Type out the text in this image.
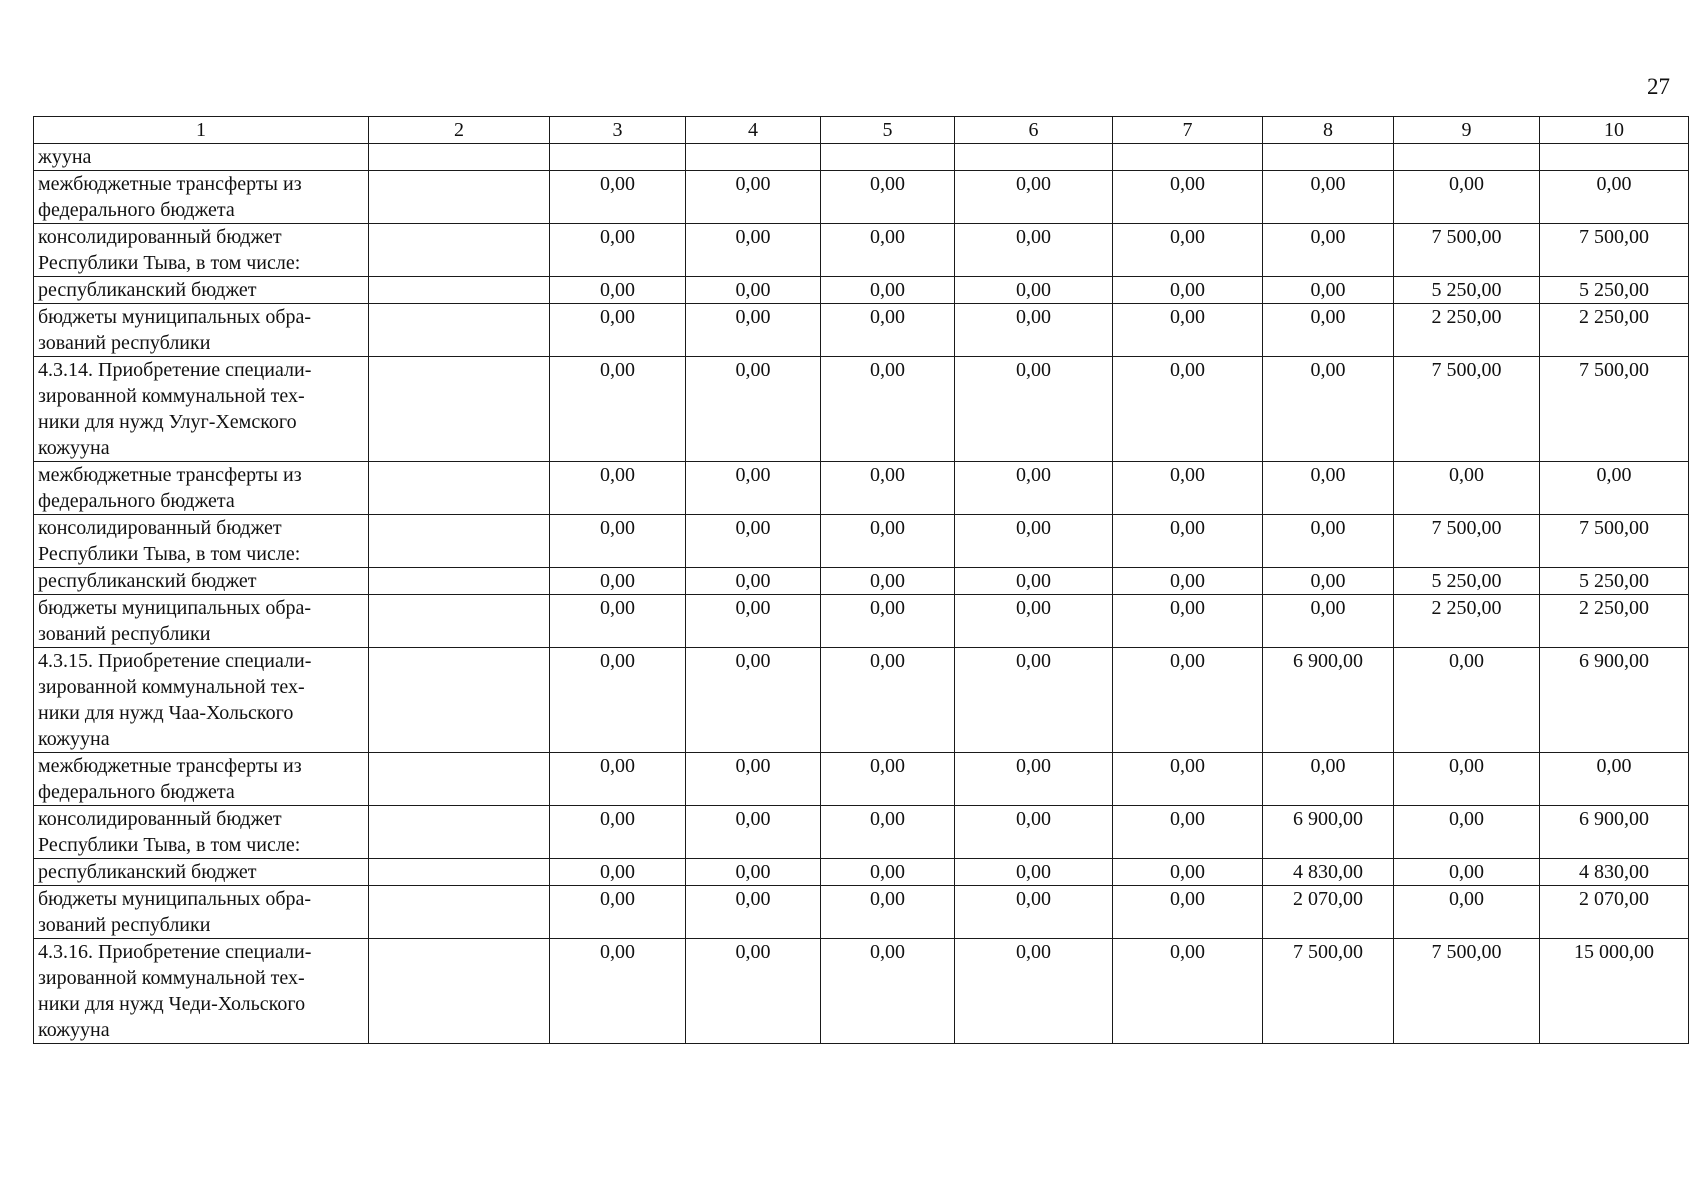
27
1	2	3	4	5	6	7	8	9	10
жууна									
межбюджетные трансферты из
федерального бюджета		0,00	0,00	0,00	0,00	0,00	0,00	0,00	0,00
консолидированный бюджет
Республики Тыва, в том числе:		0,00	0,00	0,00	0,00	0,00	0,00	7 500,00	7 500,00
республиканский бюджет		0,00	0,00	0,00	0,00	0,00	0,00	5 250,00	5 250,00
бюджеты муниципальных обра-
зований республики		0,00	0,00	0,00	0,00	0,00	0,00	2 250,00	2 250,00
4.3.14. Приобретение специали-
зированной коммунальной тех-
ники для нужд Улуг-Хемского
кожууна		0,00	0,00	0,00	0,00	0,00	0,00	7 500,00	7 500,00
межбюджетные трансферты из
федерального бюджета		0,00	0,00	0,00	0,00	0,00	0,00	0,00	0,00
консолидированный бюджет
Республики Тыва, в том числе:		0,00	0,00	0,00	0,00	0,00	0,00	7 500,00	7 500,00
республиканский бюджет		0,00	0,00	0,00	0,00	0,00	0,00	5 250,00	5 250,00
бюджеты муниципальных обра-
зований республики		0,00	0,00	0,00	0,00	0,00	0,00	2 250,00	2 250,00
4.3.15. Приобретение специали-
зированной коммунальной тех-
ники для нужд Чаа-Хольского
кожууна		0,00	0,00	0,00	0,00	0,00	6 900,00	0,00	6 900,00
межбюджетные трансферты из
федерального бюджета		0,00	0,00	0,00	0,00	0,00	0,00	0,00	0,00
консолидированный бюджет
Республики Тыва, в том числе:		0,00	0,00	0,00	0,00	0,00	6 900,00	0,00	6 900,00
республиканский бюджет		0,00	0,00	0,00	0,00	0,00	4 830,00	0,00	4 830,00
бюджеты муниципальных обра-
зований республики		0,00	0,00	0,00	0,00	0,00	2 070,00	0,00	2 070,00
4.3.16. Приобретение специали-
зированной коммунальной тех-
ники для нужд Чеди-Хольского
кожууна		0,00	0,00	0,00	0,00	0,00	7 500,00	7 500,00	15 000,00
